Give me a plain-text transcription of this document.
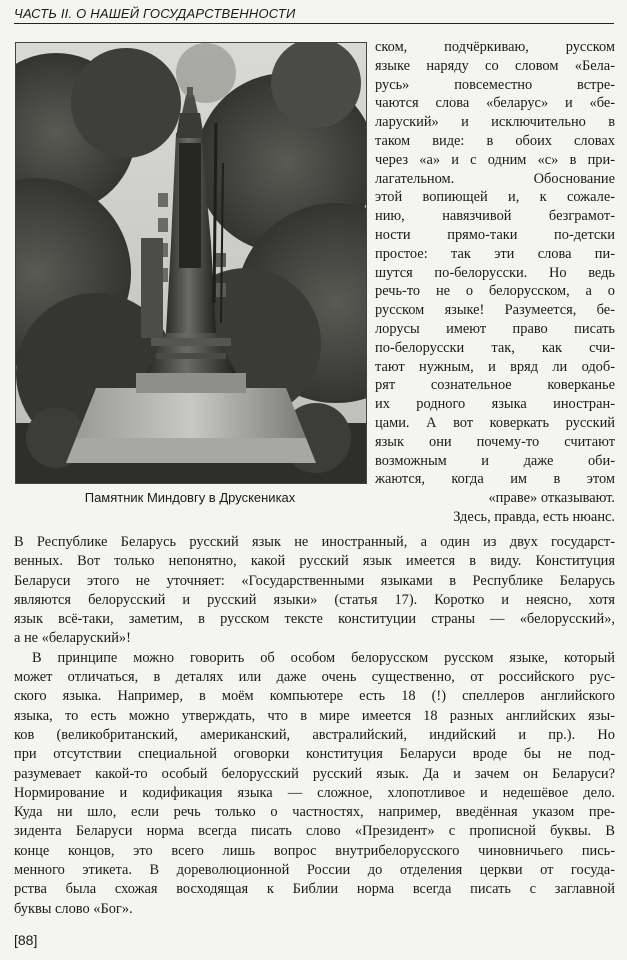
ЧАСТЬ II. О НАШЕЙ ГОСУДАРСТВЕННОСТИ
Памятник Миндовгу в Друскениках
ском, подчёркиваю, русском
языке наряду со словом «Бела-
русь» повсеместно встре-
чаются слова «беларус» и «бе-
ларуский» и исключительно в
таком виде: в обоих словах
через «а» и с одним «с» в при-
лагательном. Обоснование
этой вопиющей и, к сожале-
нию, навязчивой безграмот-
ности прямо-таки по-детски
простое: так эти слова пи-
шутся по-белорусски. Но ведь
речь-то не о белорусском, а о
русском языке! Разумеется, бе-
лорусы имеют право писать
по-белорусски так, как счи-
тают нужным, и вряд ли одоб-
рят сознательное коверканье
их родного языка иностран-
цами. А вот коверкать русский
язык они почему-то считают
возможным и даже оби-
жаются, когда им в этом
«праве» отказывают.
Здесь, правда, есть нюанс.
В Республике Беларусь русский язык не иностранный, а один из двух государст-
венных. Вот только непонятно, какой русский язык имеется в виду. Конституция
Беларуси этого не уточняет: «Государственными языками в Республике Беларусь
являются белорусский и русский языки» (статья 17). Коротко и неясно, хотя
язык всё-таки, заметим, в русском тексте конституции страны — «белорусский»,
а не «беларуский»!
В принципе можно говорить об особом белорусском русском языке, который
может отличаться, в деталях или даже очень существенно, от российского рус-
ского языка. Например, в моём компьютере есть 18 (!) спеллеров английского
языка, то есть можно утверждать, что в мире имеется 18 разных английских язы-
ков (великобританский, американский, австралийский, индийский и пр.). Но
при отсутствии специальной оговорки конституция Беларуси вроде бы не под-
разумевает какой-то особый белорусский русский язык. Да и зачем он Беларуси?
Нормирование и кодификация языка — сложное, хлопотливое и недешёвое дело.
Куда ни шло, если речь только о частностях, например, введённая указом пре-
зидента Беларуси норма всегда писать слово «Президент» с прописной буквы. В
конце концов, это всего лишь вопрос внутрибелорусского чиновничьего пись-
менного этикета. В дореволюционной России до отделения церкви от госуда-
рства была схожая восходящая к Библии норма всегда писать с заглавной
буквы слово «Бог».
[88]
